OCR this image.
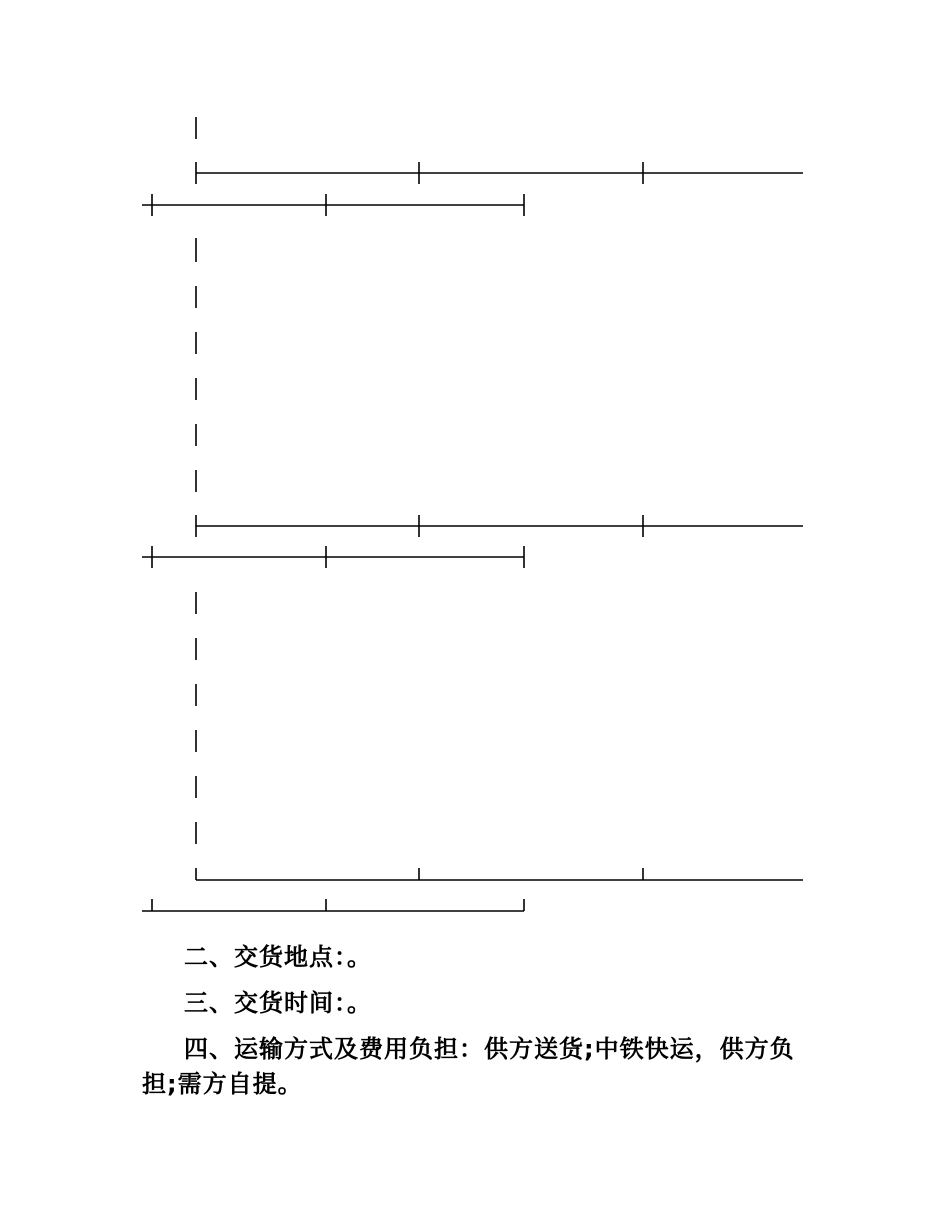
二、交货地点：。

三、交货时间：。

四、运输方式及费用负担：供方送货;中铁快运，供方负担;需方自提。
